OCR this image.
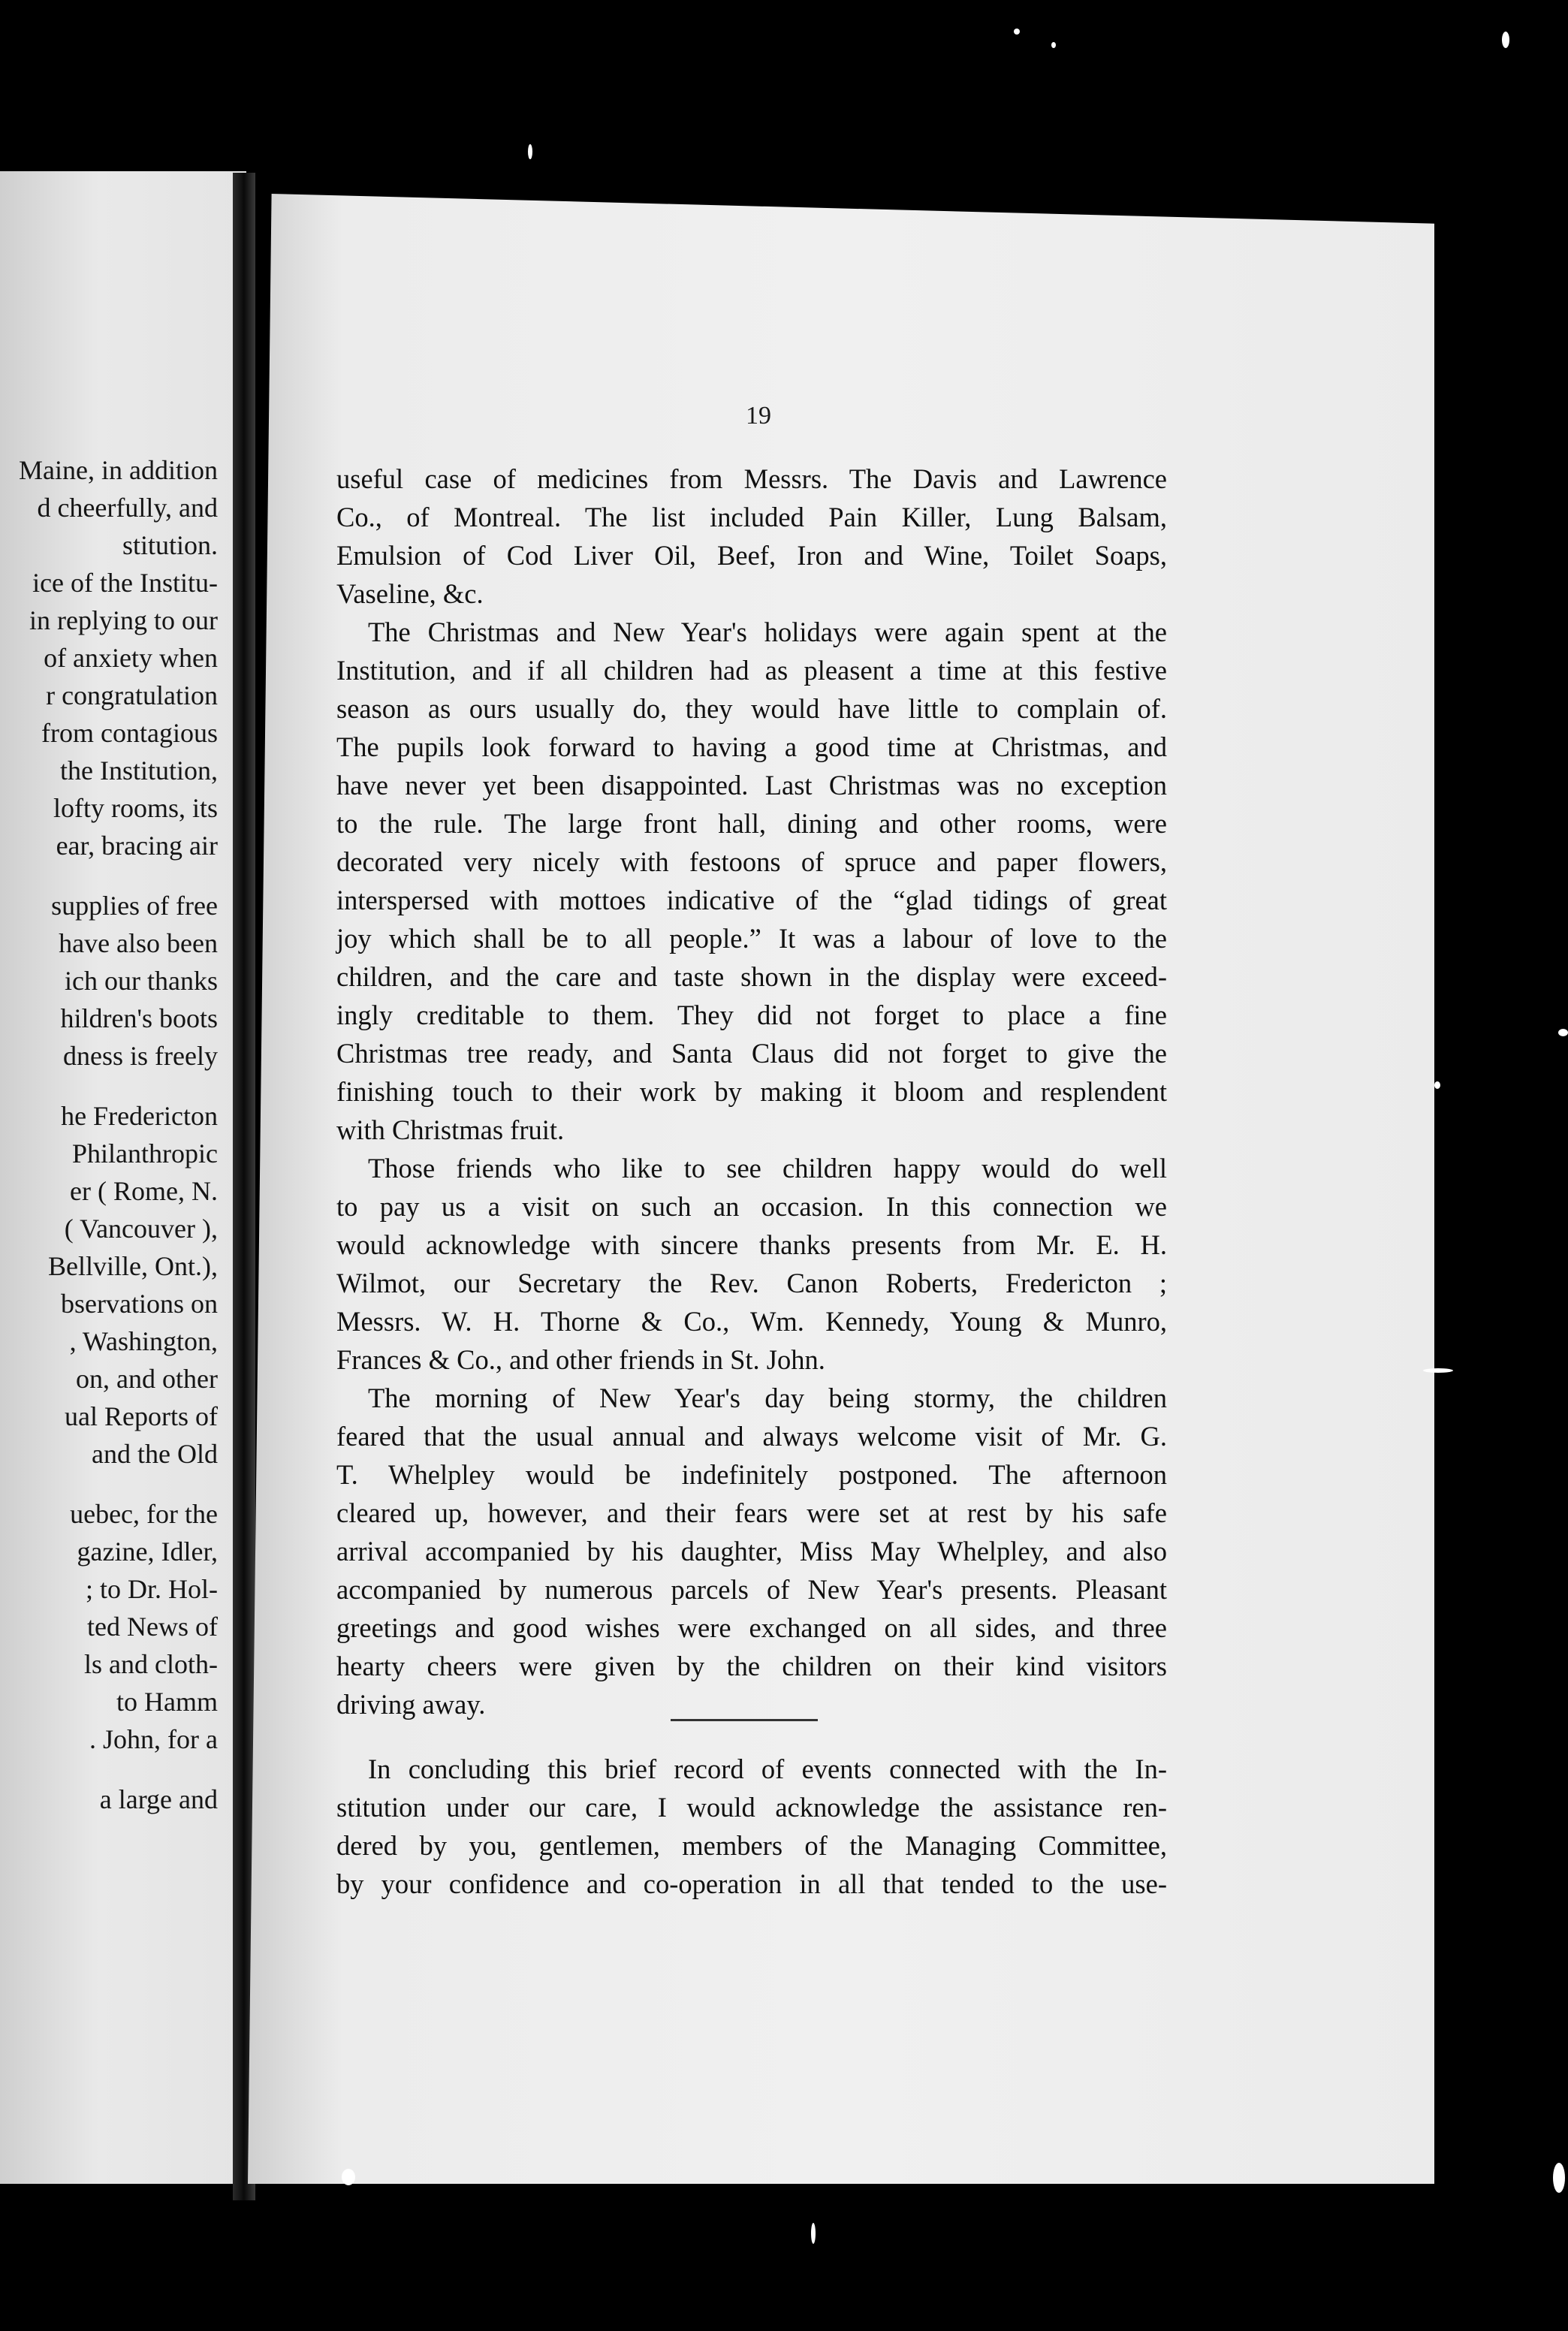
Maine, in addition
d cheerfully, and
stitution.
ice of the Institu-
in replying to our
of anxiety when
r congratulation
from contagious
the Institution,
lofty rooms, its
ear, bracing air
supplies of free
have also been
ich our thanks
hildren's boots
dness is freely
he Fredericton
Philanthropic
er ( Rome, N.
( Vancouver ),
Bellville, Ont.),
bservations on
, Washington,
on, and other
ual Reports of
and the Old
uebec, for the
gazine, Idler,
; to Dr. Hol-
ted News of
ls and cloth-
to Hamm
. John, for a
a large and
19
useful case of medicines from Messrs. The Davis and Lawrence
Co., of Montreal. The list included Pain Killer, Lung Balsam,
Emulsion of Cod Liver Oil, Beef, Iron and Wine, Toilet Soaps,
Vaseline, &c.
The Christmas and New Year's holidays were again spent at the
Institution, and if all children had as pleasent a time at this festive
season as ours usually do, they would have little to complain of.
The pupils look forward to having a good time at Christmas, and
have never yet been disappointed. Last Christmas was no exception
to the rule. The large front hall, dining and other rooms, were
decorated very nicely with festoons of spruce and paper flowers,
interspersed with mottoes indicative of the “glad tidings of great
joy which shall be to all people.” It was a labour of love to the
children, and the care and taste shown in the display were exceed-
ingly creditable to them. They did not forget to place a fine
Christmas tree ready, and Santa Claus did not forget to give the
finishing touch to their work by making it bloom and resplendent
with Christmas fruit.
Those friends who like to see children happy would do well
to pay us a visit on such an occasion. In this connection we
would acknowledge with sincere thanks presents from Mr. E. H.
Wilmot, our Secretary the Rev. Canon Roberts, Fredericton ;
Messrs. W. H. Thorne & Co., Wm. Kennedy, Young & Munro,
Frances & Co., and other friends in St. John.
The morning of New Year's day being stormy, the children
feared that the usual annual and always welcome visit of Mr. G.
T. Whelpley would be indefinitely postponed. The afternoon
cleared up, however, and their fears were set at rest by his safe
arrival accompanied by his daughter, Miss May Whelpley, and also
accompanied by numerous parcels of New Year's presents. Pleasant
greetings and good wishes were exchanged on all sides, and three
hearty cheers were given by the children on their kind visitors
driving away.
In concluding this brief record of events connected with the In-
stitution under our care, I would acknowledge the assistance ren-
dered by you, gentlemen, members of the Managing Committee,
by your confidence and co-operation in all that tended to the use-
